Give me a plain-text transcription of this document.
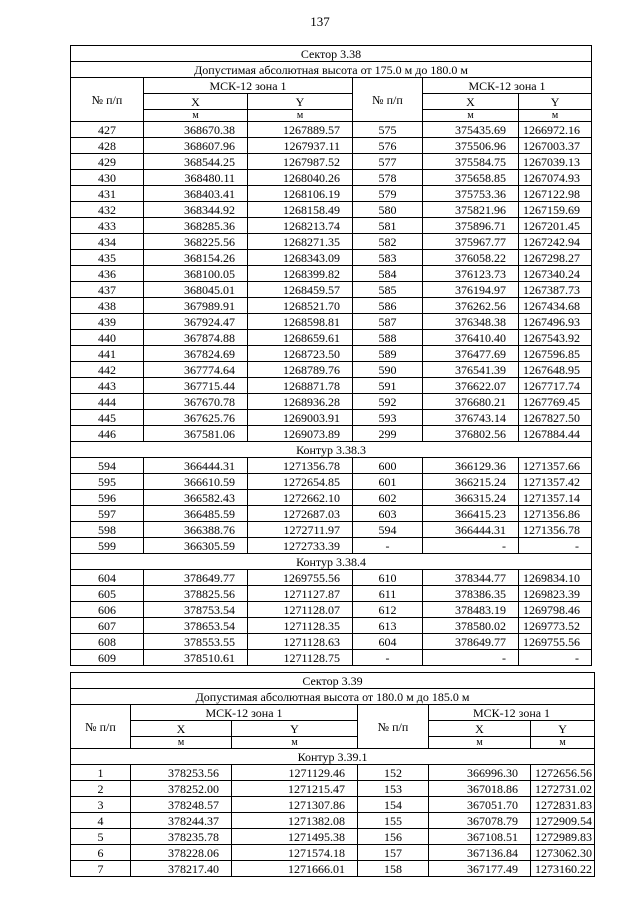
137
Сектор 3.38					
Допустимая абсолютная высота от 175.0 м до 180.0 м					
№ п/п	МСК-12 зона 1		№ п/п	МСК-12 зона 1	
	X	Y		X	Y
	м	м		м	м
427	368670.38	1267889.57	575	375435.69	1266972.16
428	368607.96	1267937.11	576	375506.96	1267003.37
429	368544.25	1267987.52	577	375584.75	1267039.13
430	368480.11	1268040.26	578	375658.85	1267074.93
431	368403.41	1268106.19	579	375753.36	1267122.98
432	368344.92	1268158.49	580	375821.96	1267159.69
433	368285.36	1268213.74	581	375896.71	1267201.45
434	368225.56	1268271.35	582	375967.77	1267242.94
435	368154.26	1268343.09	583	376058.22	1267298.27
436	368100.05	1268399.82	584	376123.73	1267340.24
437	368045.01	1268459.57	585	376194.97	1267387.73
438	367989.91	1268521.70	586	376262.56	1267434.68
439	367924.47	1268598.81	587	376348.38	1267496.93
440	367874.88	1268659.61	588	376410.40	1267543.92
441	367824.69	1268723.50	589	376477.69	1267596.85
442	367774.64	1268789.76	590	376541.39	1267648.95
443	367715.44	1268871.78	591	376622.07	1267717.74
444	367670.78	1268936.28	592	376680.21	1267769.45
445	367625.76	1269003.91	593	376743.14	1267827.50
446	367581.06	1269073.89	299	376802.56	1267884.44
Контур 3.38.3					
594	366444.31	1271356.78	600	366129.36	1271357.66
595	366610.59	1272654.85	601	366215.24	1271357.42
596	366582.43	1272662.10	602	366315.24	1271357.14
597	366485.59	1272687.03	603	366415.23	1271356.86
598	366388.76	1272711.97	594	366444.31	1271356.78
599	366305.59	1272733.39	-	-	-
Контур 3.38.4					
604	378649.77	1269755.56	610	378344.77	1269834.10
605	378825.56	1271127.87	611	378386.35	1269823.39
606	378753.54	1271128.07	612	378483.19	1269798.46
607	378653.54	1271128.35	613	378580.02	1269773.52
608	378553.55	1271128.63	604	378649.77	1269755.56
609	378510.61	1271128.75	-	-	-
Сектор 3.39					
Допустимая абсолютная высота от 180.0 м до 185.0 м					
№ п/п	МСК-12 зона 1		№ п/п	МСК-12 зона 1	
	X	Y		X	Y
	м	м		м	м
Контур 3.39.1					
1	378253.56	1271129.46	152	366996.30	1272656.56
2	378252.00	1271215.47	153	367018.86	1272731.02
3	378248.57	1271307.86	154	367051.70	1272831.83
4	378244.37	1271382.08	155	367078.79	1272909.54
5	378235.78	1271495.38	156	367108.51	1272989.83
6	378228.06	1271574.18	157	367136.84	1273062.30
7	378217.40	1271666.01	158	367177.49	1273160.22
